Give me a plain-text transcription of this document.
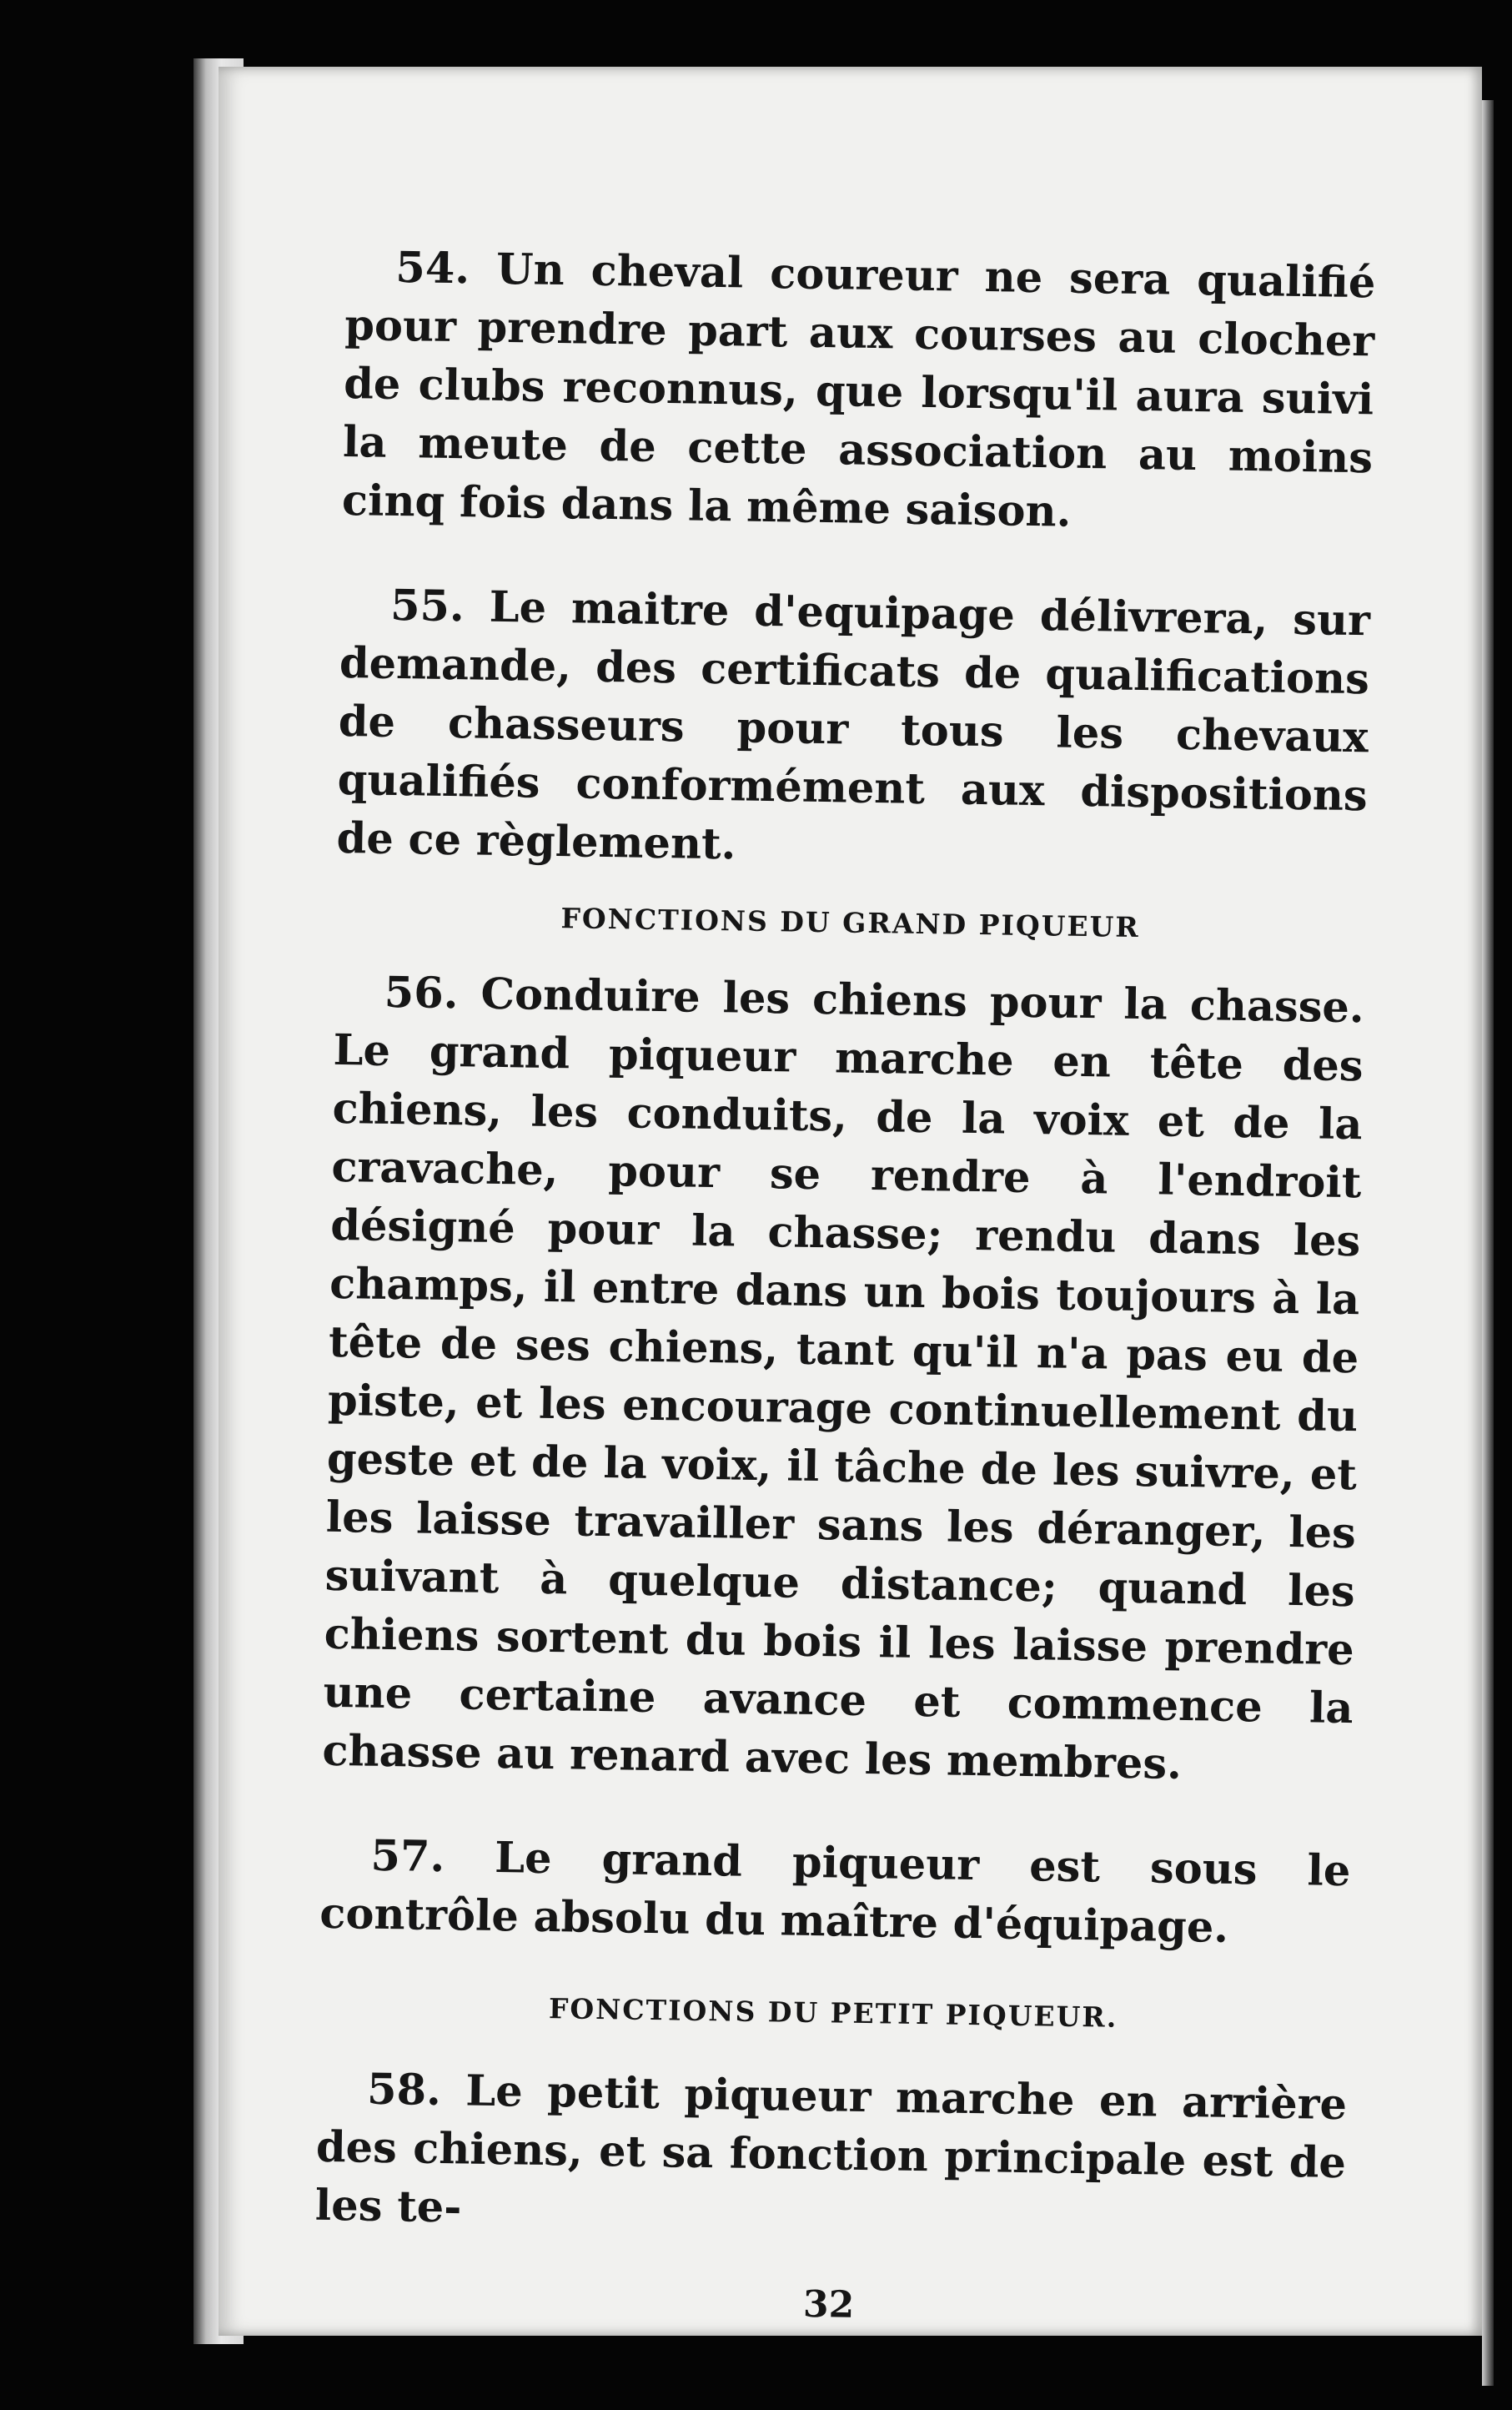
54. Un cheval coureur ne sera qualifié pour prendre part aux courses au clocher de clubs reconnus, que lorsqu'il aura suivi la meute de cette association au moins cinq fois dans la même saison.

55. Le maitre d'equipage délivrera, sur demande, des certificats de qualifications de chasseurs pour tous les chevaux qualifiés conformément aux dispositions de ce règlement.

FONCTIONS DU GRAND PIQUEUR

56. Conduire les chiens pour la chasse. Le grand piqueur marche en tête des chiens, les conduits, de la voix et de la cravache, pour se rendre à l'endroit désigné pour la chasse; rendu dans les champs, il entre dans un bois toujours à la tête de ses chiens, tant qu'il n'a pas eu de piste, et les encourage continuellement du geste et de la voix, il tâche de les suivre, et les laisse travailler sans les déranger, les suivant à quelque distance; quand les chiens sortent du bois il les laisse prendre une certaine avance et commence la chasse au renard avec les membres.

57. Le grand piqueur est sous le contrôle absolu du maître d'équipage.

FONCTIONS DU PETIT PIQUEUR.

58. Le petit piqueur marche en arrière des chiens, et sa fonction principale est de les te-

32
